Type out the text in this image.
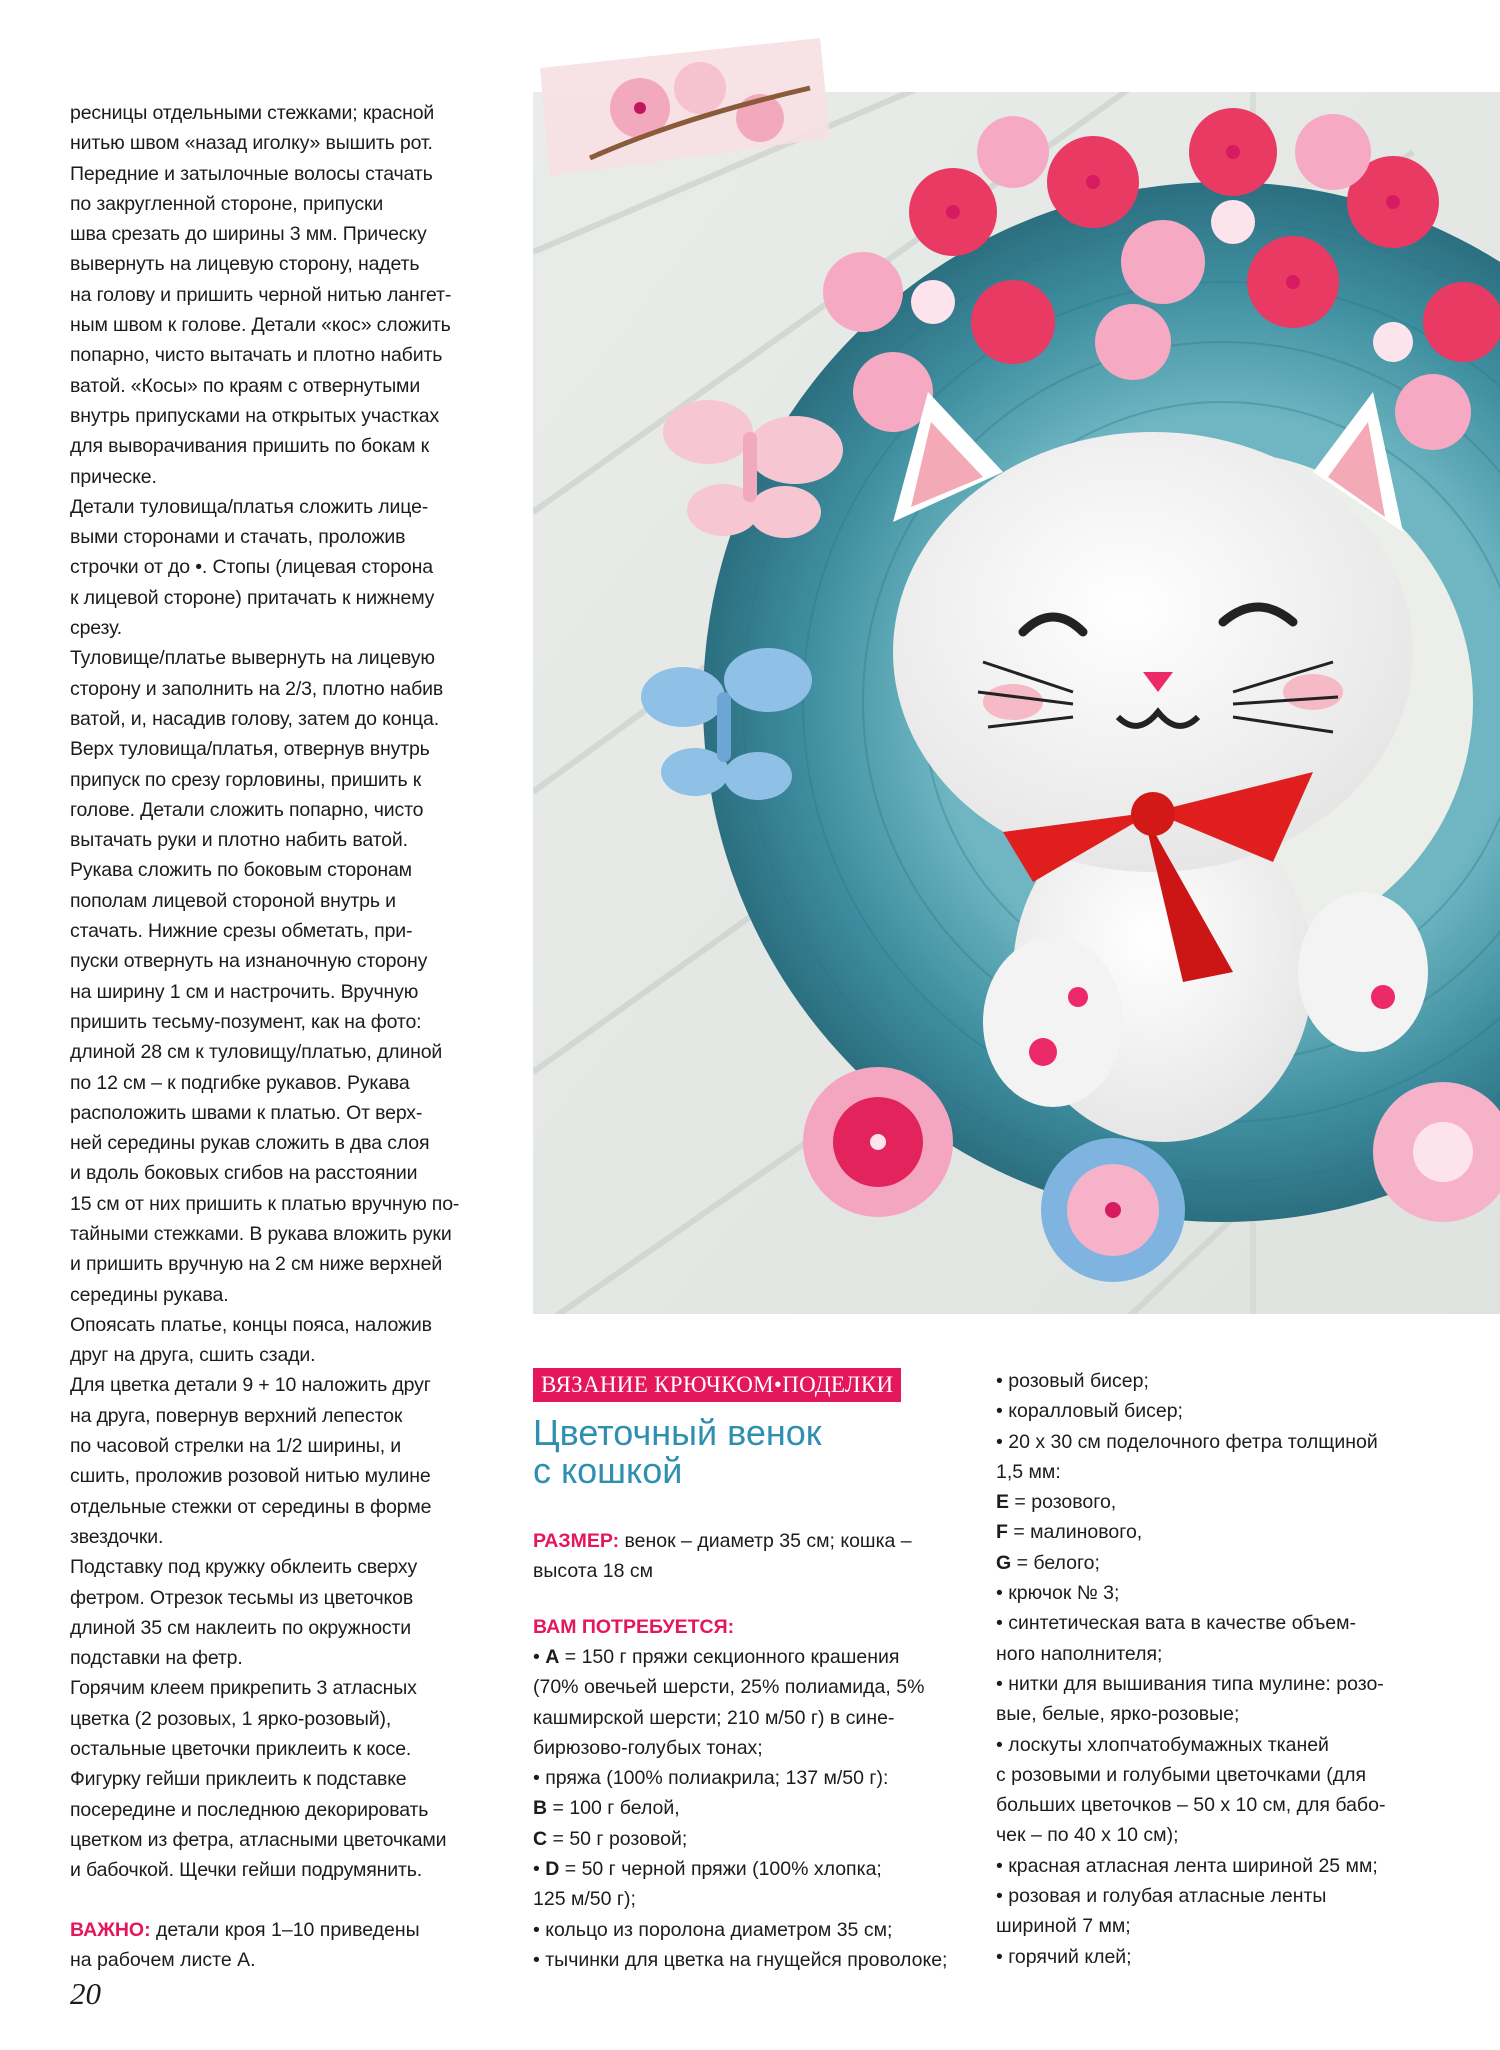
ресницы отдельными стежками; красной
нитью швом «назад иголку» вышить рот.
Передние и затылочные волосы стачать
по закругленной стороне, припуски
шва срезать до ширины 3 мм. Прическу
вывернуть на лицевую сторону, надеть
на голову и пришить черной нитью лангет-
ным швом к голове. Детали «кос» сложить
попарно, чисто вытачать и плотно набить
ватой. «Косы» по краям с отвернутыми
внутрь припусками на открытых участках
для выворачивания пришить по бокам к
прическе.
Детали туловища/платья сложить лице-
выми сторонами и стачать, проложив
строчки от до •. Стопы (лицевая сторона
к лицевой стороне) притачать к нижнему
срезу.
Туловище/платье вывернуть на лицевую
сторону и заполнить на 2/3, плотно набив
ватой, и, насадив голову, затем до конца.
Верх туловища/платья, отвернув внутрь
припуск по срезу горловины, пришить к
голове. Детали сложить попарно, чисто
вытачать руки и плотно набить ватой.
Рукава сложить по боковым сторонам
пополам лицевой стороной внутрь и
стачать. Нижние срезы обметать, при-
пуски отвернуть на изнаночную сторону
на ширину 1 см и настрочить. Вручную
пришить тесьму-позумент, как на фото:
длиной 28 см к туловищу/платью, длиной
по 12 см – к подгибке рукавов. Рукава
расположить швами к платью. От верх-
ней середины рукав сложить в два слоя
и вдоль боковых сгибов на расстоянии
15 см от них пришить к платью вручную по-
тайными стежками. В рукава вложить руки
и пришить вручную на 2 см ниже верхней
середины рукава.
Опоясать платье, концы пояса, наложив
друг на друга, сшить сзади.
Для цветка детали 9 + 10 наложить друг
на друга, повернув верхний лепесток
по часовой стрелки на 1/2 ширины, и
сшить, проложив розовой нитью мулине
отдельные стежки от середины в форме
звездочки.
Подставку под кружку обклеить сверху
фетром. Отрезок тесьмы из цветочков
длиной 35 см наклеить по окружности
подставки на фетр.
Горячим клеем прикрепить 3 атласных
цветка (2 розовых, 1 ярко-розовый),
остальные цветочки приклеить к косе.
Фигурку гейши приклеить к подставке
посередине и последнюю декорировать
цветком из фетра, атласными цветочками
и бабочкой. Щечки гейши подрумянить.
ВЯЗАНИЕ КРЮЧКОМ•ПОДЕЛКИ
Цветочный венок
с кошкой
РАЗМЕР: венок – диаметр 35 см; кошка –
высота 18 см
ВАМ ПОТРЕБУЕТСЯ:
• А = 150 г пряжи секционного крашения
(70% овечьей шерсти, 25% полиамида, 5%
кашмирской шерсти; 210 м/50 г) в сине-
бирюзово-голубых тонах;
• пряжа (100% полиакрила; 137 м/50 г):
В = 100 г белой,
С = 50 г розовой;
• D = 50 г черной пряжи (100% хлопка;
125 м/50 г);
• кольцо из поролона диаметром 35 см;
• тычинки для цветка на гнущейся проволоке;
• розовый бисер;
• коралловый бисер;
• 20 х 30 см поделочного фетра толщиной
1,5 мм:
Е = розового,
F = малинового,
G = белого;
• крючок № 3;
• синтетическая вата в качестве объем-
ного наполнителя;
• нитки для вышивания типа мулине: розо-
вые, белые, ярко-розовые;
• лоскуты хлопчатобумажных тканей
с розовыми и голубыми цветочками (для
больших цветочков – 50 х 10 см, для бабо-
чек – по 40 х 10 см);
• красная атласная лента шириной 25 мм;
• розовая и голубая атласные ленты
шириной 7 мм;
• горячий клей;
ВАЖНО: детали кроя 1–10 приведены
на рабочем листе А.
20
